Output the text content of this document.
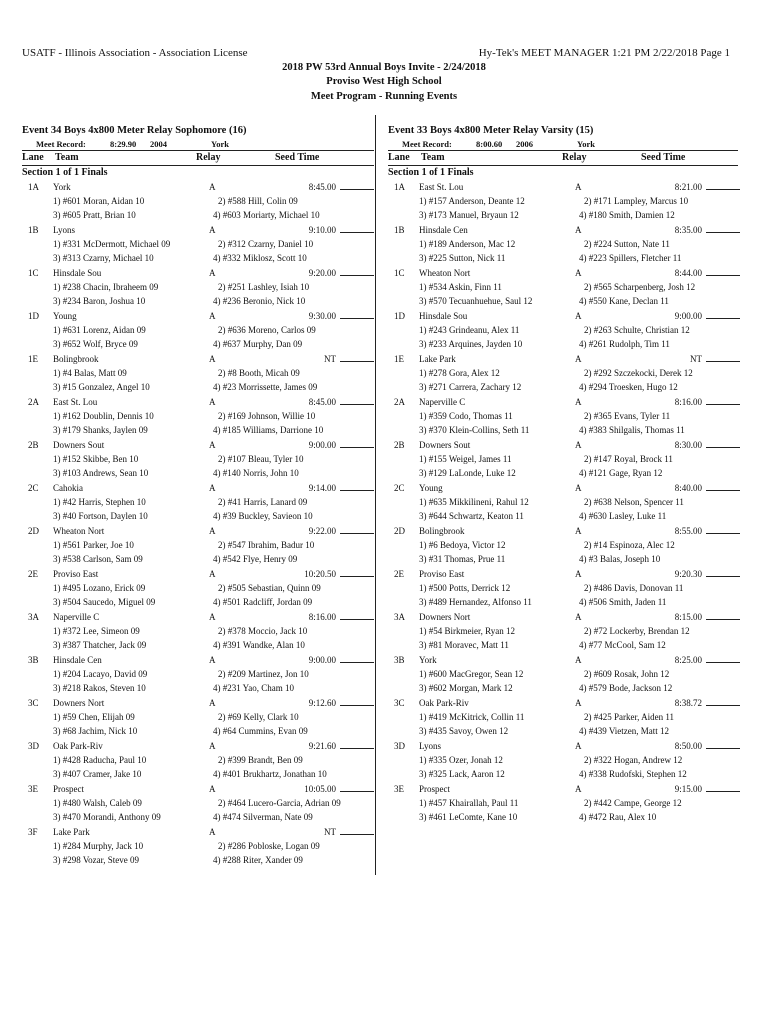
USATF - Illinois Association - Association License	Hy-Tek's MEET MANAGER 1:21 PM 2/22/2018 Page 1
2018 PW 53rd Annual Boys Invite - 2/24/2018
Proviso West High School
Meet Program - Running Events
Event 34 Boys 4x800 Meter Relay Sophomore (16)
Meet Record:	8:29.90 2004	York
Lane Team	Relay	Seed Time
Section 1 of 1 Finals
1A York	A	8:45.00
1) #601 Moran, Aidan 10	2) #588 Hill, Colin 09
3) #605 Pratt, Brian 10	4) #603 Moriarty, Michael 10
1B Lyons	A	9:10.00
1) #331 McDermott, Michael 09	2) #312 Czarny, Daniel 10
3) #313 Czarny, Michael 10	4) #332 Miklosz, Scott 10
1C Hinsdale Sou	A	9:20.00
1) #238 Chacin, Ibraheem 09	2) #251 Lashley, Isiah 10
3) #234 Baron, Joshua 10	4) #236 Beronio, Nick 10
1D Young	A	9:30.00
1) #631 Lorenz, Aidan 09	2) #636 Moreno, Carlos 09
3) #652 Wolf, Bryce 09	4) #637 Murphy, Dan 09
1E Bolingbrook	A	NT
1) #4 Balas, Matt 09	2) #8 Booth, Micah 09
3) #15 Gonzalez, Angel 10	4) #23 Morrissette, James 09
2A East St. Lou	A	8:45.00
1) #162 Doublin, Dennis 10	2) #169 Johnson, Willie 10
3) #179 Shanks, Jaylen 09	4) #185 Williams, Darrione 10
2B Downers Sout	A	9:00.00
1) #152 Skibbe, Ben 10	2) #107 Bleau, Tyler 10
3) #103 Andrews, Sean 10	4) #140 Norris, John 10
2C Cahokia	A	9:14.00
1) #42 Harris, Stephen 10	2) #41 Harris, Lanard 09
3) #40 Fortson, Daylen 10	4) #39 Buckley, Savieon 10
2D Wheaton Nort	A	9:22.00
1) #561 Parker, Joe 10	2) #547 Ibrahim, Badur 10
3) #538 Carlson, Sam 09	4) #542 Flye, Henry 09
2E Proviso East	A	10:20.50
1) #495 Lozano, Erick 09	2) #505 Sebastian, Quinn 09
3) #504 Saucedo, Miguel 09	4) #501 Radcliff, Jordan 09
3A Naperville C	A	8:16.00
1) #372 Lee, Simeon 09	2) #378 Moccio, Jack 10
3) #387 Thatcher, Jack 09	4) #391 Wandke, Alan 10
3B Hinsdale Cen	A	9:00.00
1) #204 Lacayo, David 09	2) #209 Martinez, Jon 10
3) #218 Rakos, Steven 10	4) #231 Yao, Cham 10
3C Downers Nort	A	9:12.60
1) #59 Chen, Elijah 09	2) #69 Kelly, Clark 10
3) #68 Jachim, Nick 10	4) #64 Cummins, Evan 09
3D Oak Park-Riv	A	9:21.60
1) #428 Raducha, Paul 10	2) #399 Brandt, Ben 09
3) #407 Cramer, Jake 10	4) #401 Brukhartz, Jonathan 10
3E Prospect	A	10:05.00
1) #480 Walsh, Caleb 09	2) #464 Lucero-Garcia, Adrian 09
3) #470 Morandi, Anthony 09	4) #474 Silverman, Nate 09
3F Lake Park	A	NT
1) #284 Murphy, Jack 10	2) #286 Pobloske, Logan 09
3) #298 Vozar, Steve 09	4) #288 Riter, Xander 09
Event 33 Boys 4x800 Meter Relay Varsity (15)
Meet Record:	8:00.60 2006	York
Lane Team	Relay	Seed Time
Section 1 of 1 Finals
1A East St. Lou	A	8:21.00
1) #157 Anderson, Deante 12	2) #171 Lampley, Marcus 10
3) #173 Manuel, Bryaun 12	4) #180 Smith, Damien 12
1B Hinsdale Cen	A	8:35.00
1) #189 Anderson, Mac 12	2) #224 Sutton, Nate 11
3) #225 Sutton, Nick 11	4) #223 Spillers, Fletcher 11
1C Wheaton Nort	A	8:44.00
1) #534 Askin, Finn 11	2) #565 Scharpenberg, Josh 12
3) #570 Tecuanhuehue, Saul 12	4) #550 Kane, Declan 11
1D Hinsdale Sou	A	9:00.00
1) #243 Grindeanu, Alex 11	2) #263 Schulte, Christian 12
3) #233 Arquines, Jayden 10	4) #261 Rudolph, Tim 11
1E Lake Park	A	NT
1) #278 Gora, Alex 12	2) #292 Szczekocki, Derek 12
3) #271 Carrera, Zachary 12	4) #294 Troesken, Hugo 12
2A Naperville C	A	8:16.00
1) #359 Codo, Thomas 11	2) #365 Evans, Tyler 11
3) #370 Klein-Collins, Seth 11	4) #383 Shilgalis, Thomas 11
2B Downers Sout	A	8:30.00
1) #155 Weigel, James 11	2) #147 Royal, Brock 11
3) #129 LaLonde, Luke 12	4) #121 Gage, Ryan 12
2C Young	A	8:40.00
1) #635 Mikkilineni, Rahul 12	2) #638 Nelson, Spencer 11
3) #644 Schwartz, Keaton 11	4) #630 Lasley, Luke 11
2D Bolingbrook	A	8:55.00
1) #6 Bedoya, Victor 12	2) #14 Espinoza, Alec 12
3) #31 Thomas, Prue 11	4) #3 Balas, Joseph 10
2E Proviso East	A	9:20.30
1) #500 Potts, Derrick 12	2) #486 Davis, Donovan 11
3) #489 Hernandez, Alfonso 11	4) #506 Smith, Jaden 11
3A Downers Nort	A	8:15.00
1) #54 Birkmeier, Ryan 12	2) #72 Lockerby, Brendan 12
3) #81 Moravec, Matt 11	4) #77 McCool, Sam 12
3B York	A	8:25.00
1) #600 MacGregor, Sean 12	2) #609 Rosak, John 12
3) #602 Morgan, Mark 12	4) #579 Bode, Jackson 12
3C Oak Park-Riv	A	8:38.72
1) #419 McKitrick, Collin 11	2) #425 Parker, Aiden 11
3) #435 Savoy, Owen 12	4) #439 Vietzen, Matt 12
3D Lyons	A	8:50.00
1) #335 Ozer, Jonah 12	2) #322 Hogan, Andrew 12
3) #325 Lack, Aaron 12	4) #338 Rudofski, Stephen 12
3E Prospect	A	9:15.00
1) #457 Khairallah, Paul 11	2) #442 Campe, George 12
3) #461 LeComte, Kane 10	4) #472 Rau, Alex 10
